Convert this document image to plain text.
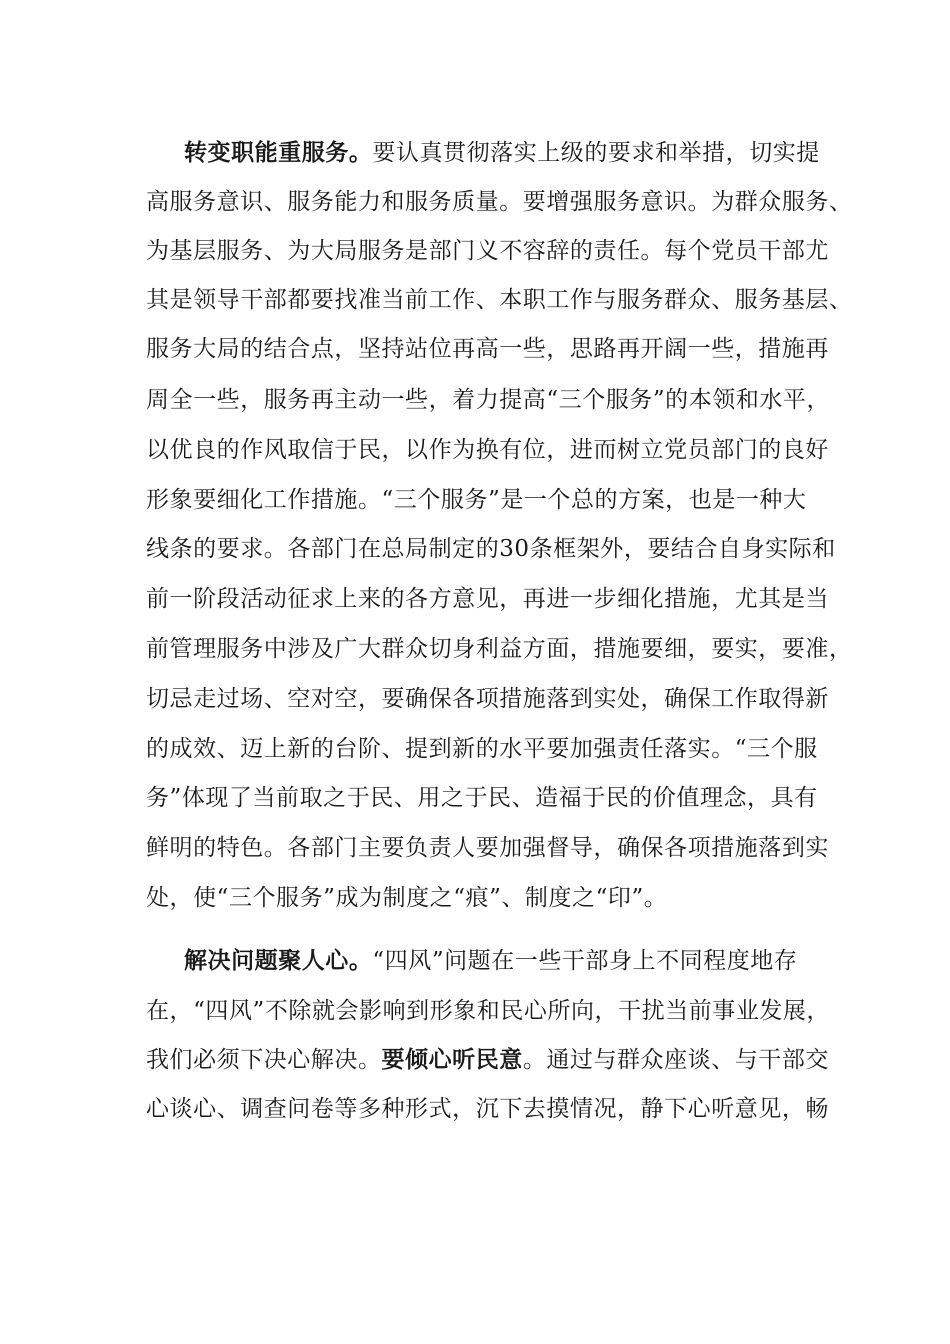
转变职能重服务。要认真贯彻落实上级的要求和举措，切实提
高服务意识、服务能力和服务质量。要增强服务意识。为群众服务、
为基层服务、为大局服务是部门义不容辞的责任。每个党员干部尤
其是领导干部都要找准当前工作、本职工作与服务群众、服务基层、
服务大局的结合点，坚持站位再高一些，思路再开阔一些，措施再
周全一些，服务再主动一些，着力提高“三个服务”的本领和水平，
以优良的作风取信于民，以作为换有位，进而树立党员部门的良好
形象要细化工作措施。“三个服务”是一个总的方案，也是一种大
线条的要求。各部门在总局制定的30条框架外，要结合自身实际和
前一阶段活动征求上来的各方意见，再进一步细化措施，尤其是当
前管理服务中涉及广大群众切身利益方面，措施要细，要实，要准，
切忌走过场、空对空，要确保各项措施落到实处，确保工作取得新
的成效、迈上新的台阶、提到新的水平要加强责任落实。“三个服
务”体现了当前取之于民、用之于民、造福于民的价值理念，具有
鲜明的特色。各部门主要负责人要加强督导，确保各项措施落到实
处，使“三个服务”成为制度之“痕”、制度之“印”。
解决问题聚人心。“四风”问题在一些干部身上不同程度地存
在，“四风”不除就会影响到形象和民心所向，干扰当前事业发展，
我们必须下决心解决。要倾心听民意。通过与群众座谈、与干部交
心谈心、调查问卷等多种形式，沉下去摸情况，静下心听意见，畅
